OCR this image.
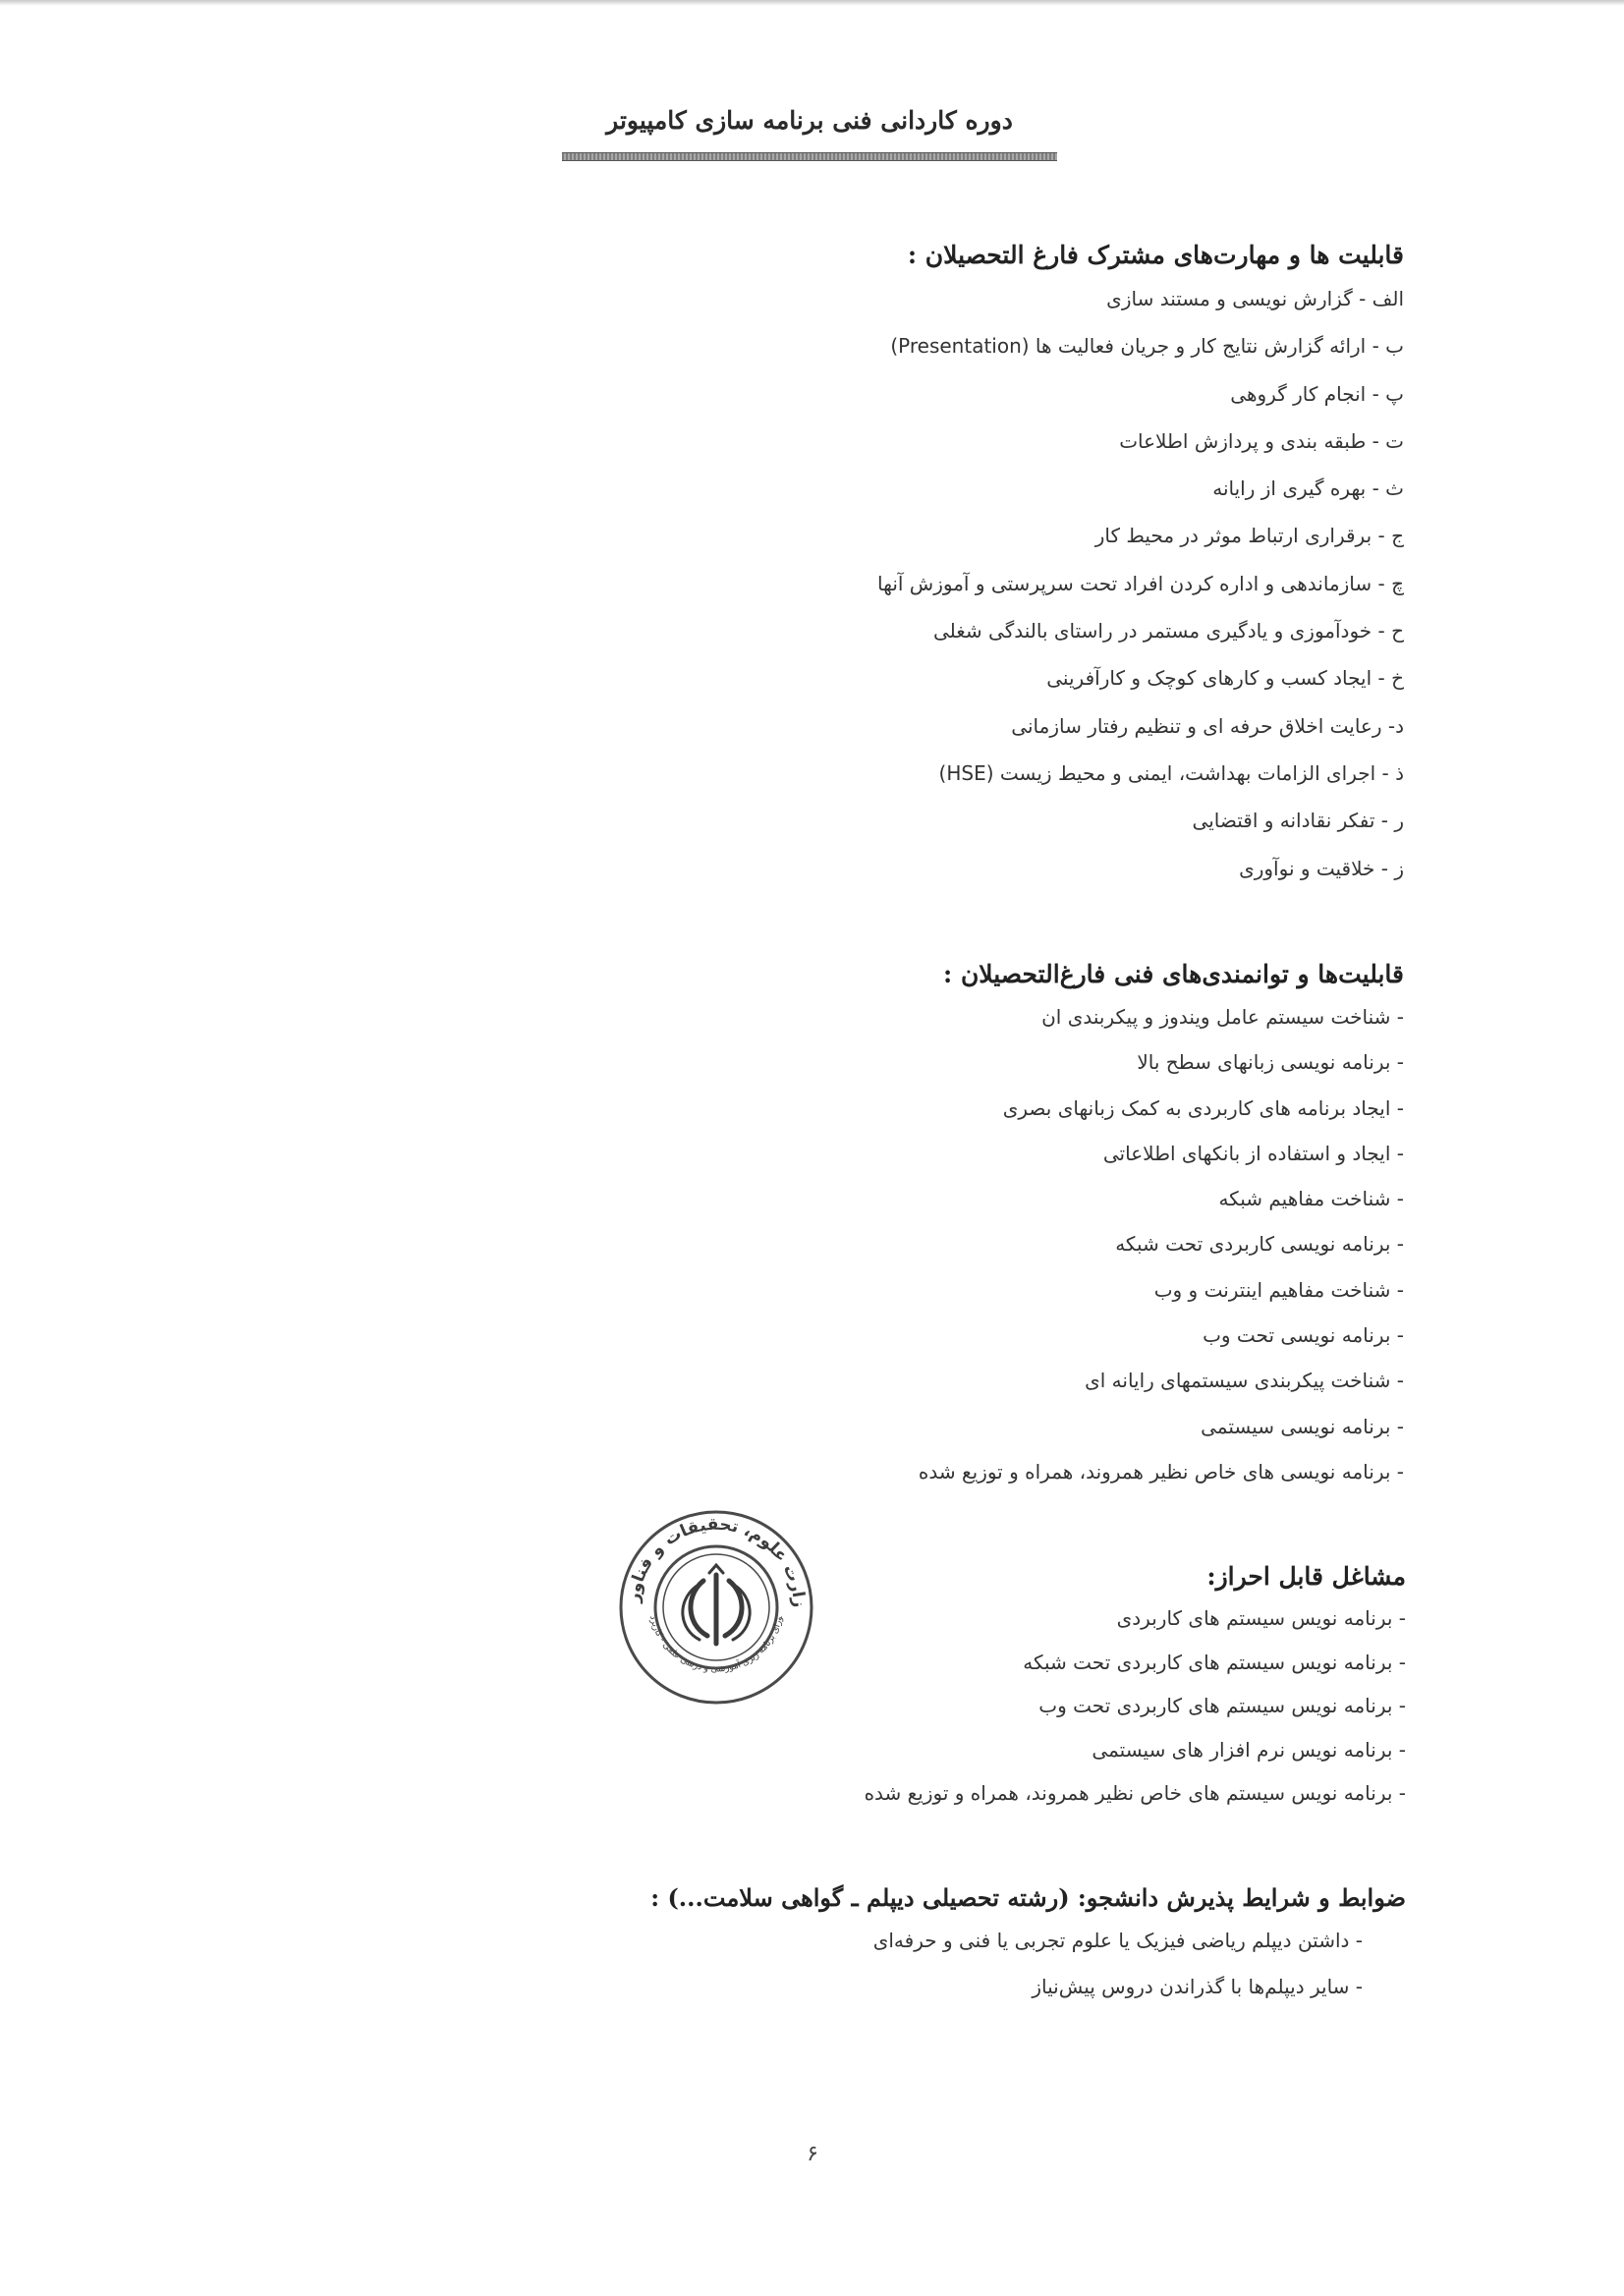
دوره کاردانی فنی برنامه سازی کامپیوتر
قابلیت ها و مهارت‌های مشترک فارغ التحصیلان :
الف - گزارش نویسی و مستند سازی
ب - ارائه گزارش نتایج کار و جریان فعالیت ها (Presentation)
پ - انجام کار گروهی
ت - طبقه بندی و پردازش اطلاعات
ث - بهره گیری از رایانه
ج - برقراری ارتباط موثر در محیط کار
چ - سازماندهی و اداره کردن افراد تحت سرپرستی و آموزش آنها
ح - خودآموزی و یادگیری مستمر در راستای بالندگی شغلی
خ - ایجاد کسب و کارهای کوچک و کارآفرینی
د- رعایت اخلاق حرفه ای و تنظیم رفتار سازمانی
ذ - اجرای الزامات بهداشت، ایمنی و محیط زیست (HSE)
ر - تفکر نقادانه و اقتضایی
ز - خلاقیت و نوآوری
قابلیت‌ها و توانمندی‌های فنی فارغ‌التحصیلان :
- شناخت سیستم عامل ویندوز و پیکربندی ان
- برنامه نویسی زبانهای سطح بالا
- ایجاد برنامه های کاربردی به کمک زبانهای بصری
- ایجاد و استفاده از بانکهای اطلاعاتی
- شناخت مفاهیم شبکه
- برنامه نویسی کاربردی تحت شبکه
- شناخت مفاهیم اینترنت و وب
- برنامه نویسی تحت وب
- شناخت پیکربندی سیستمهای رایانه ای
- برنامه نویسی سیستمی
- برنامه نویسی های خاص نظیر همروند، همراه و توزیع شده
مشاغل قابل احراز:
- برنامه نویس سیستم های کاربردی
- برنامه نویس سیستم های کاربردی تحت شبکه
- برنامه نویس سیستم های کاربردی تحت وب
- برنامه نویس نرم افزار های سیستمی
- برنامه نویس سیستم های خاص نظیر همروند، همراه و توزیع شده
ضوابط و شرایط پذیرش دانشجو: (رشته تحصیلی دیپلم ـ گواهی سلامت...) :
- داشتن دیپلم ریاضی فیزیک یا علوم تجربی یا فنی و حرفه‌ای
- سایر دیپلم‌ها با گذراندن دروس پیش‌نیاز
زارت علوم، تحقیقات و فناور
ورای برنامه ریزی آموزشی و درسی علمی - کاربرد
۶
